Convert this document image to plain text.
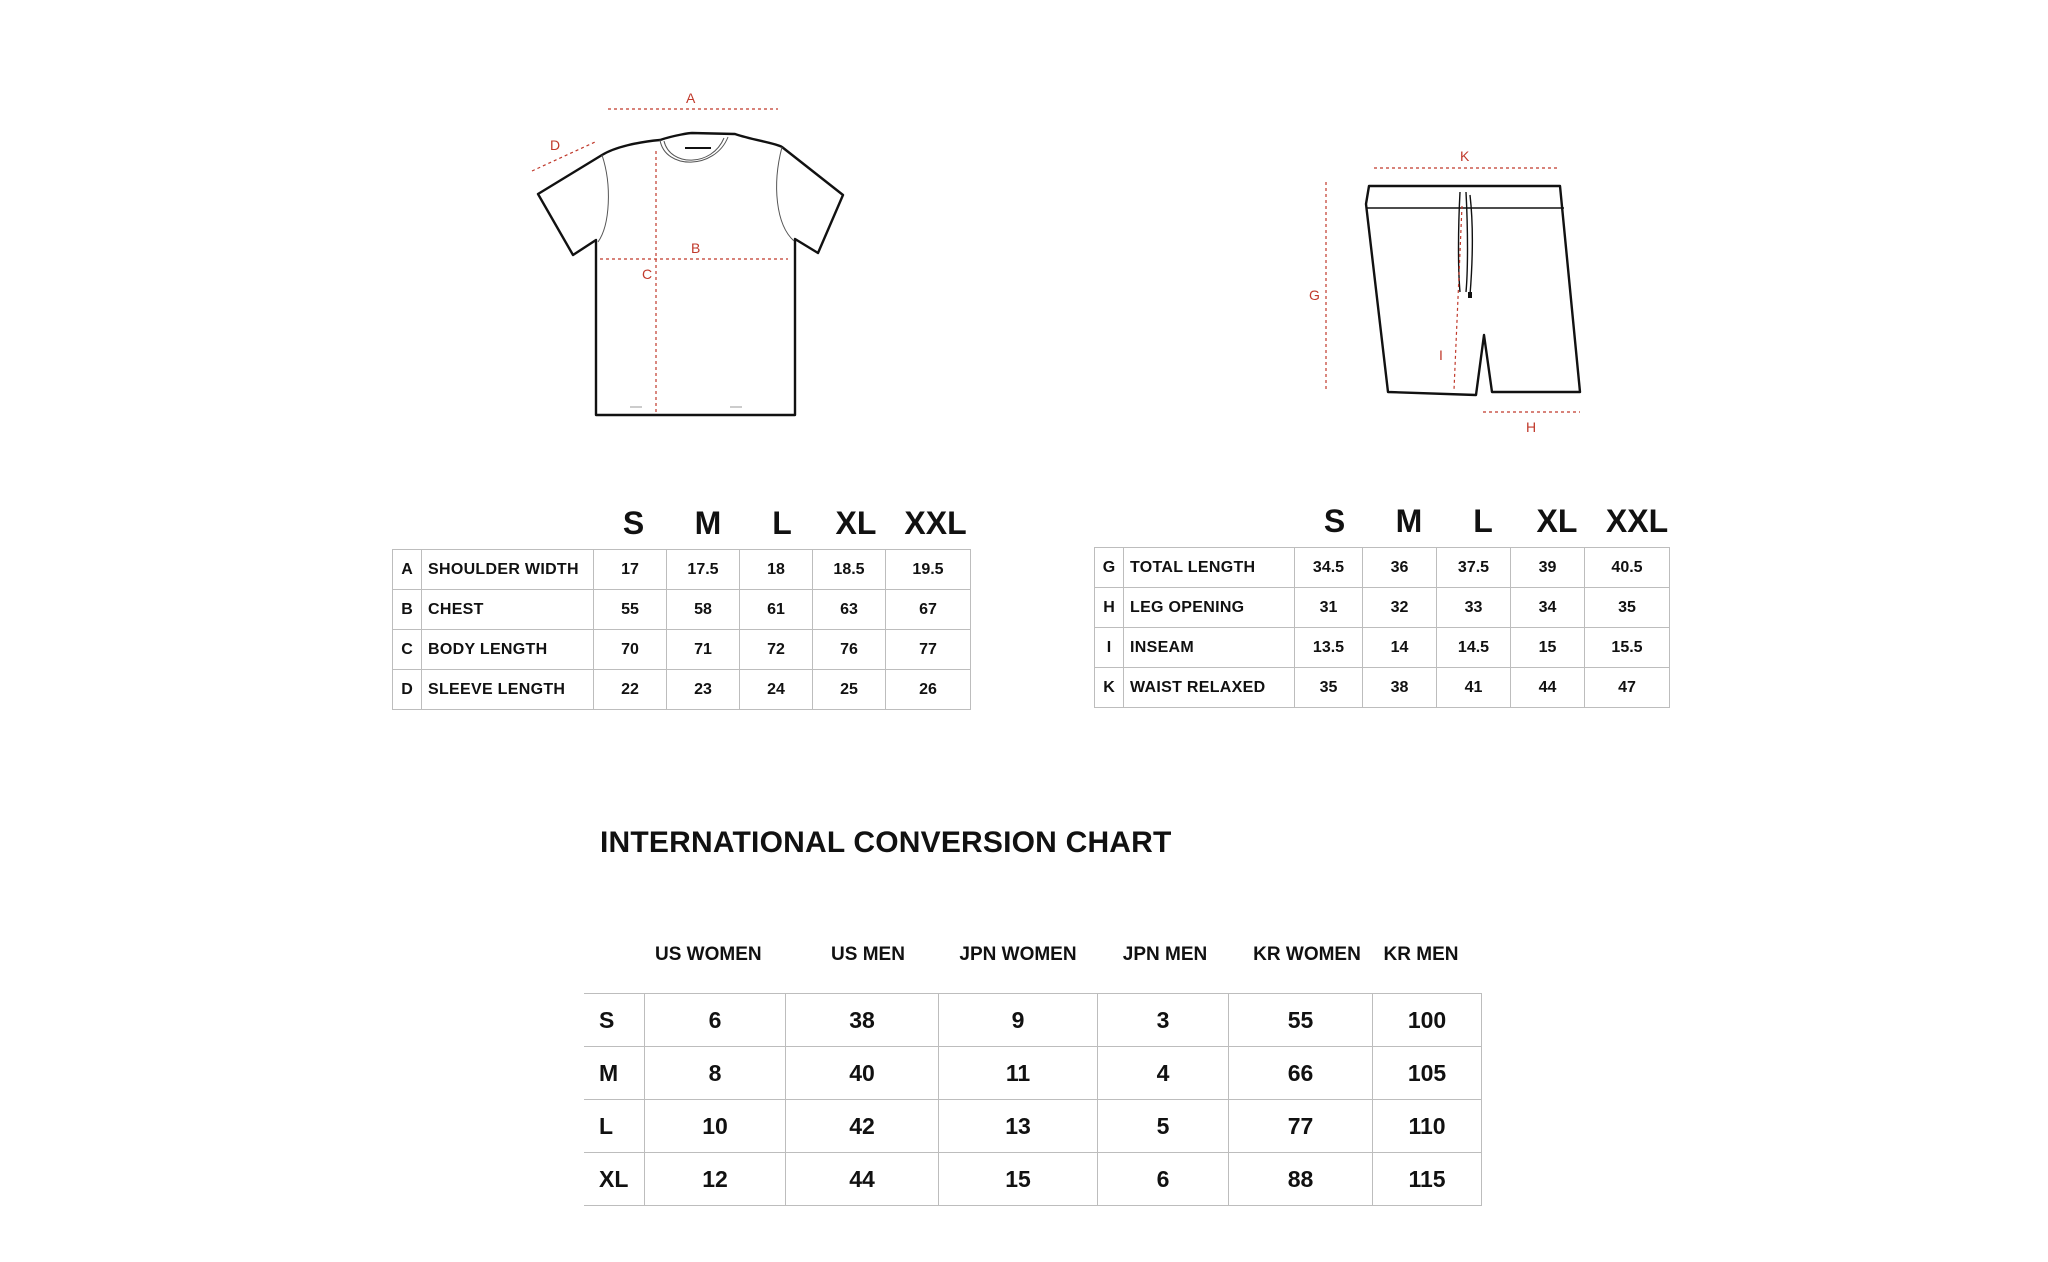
A
D
B
C
K
G
I
H
S	M	L	XL XXL
A	SHOULDER WIDTH	17	17.5	18	18.5	19.5
B	CHEST	55	58	61	63	67
C	BODY LENGTH	70	71	72	76	77
D	SLEEVE LENGTH	22	23	24	25	26
S	M	L	XL XXL
G	TOTAL LENGTH	34.5	36	37.5	39	40.5
H	LEG OPENING	31	32	33	34	35
I	INSEAM	13.5	14	14.5	15	15.5
K	WAIST RELAXED	35	38	41	44	47
INTERNATIONAL CONVERSION CHART
US WOMEN	US MEN	JPN WOMEN	JPN MEN	KR WOMEN	KR MEN
S	6	38	9	3	55	100
M	8	40	11	4	66	105
L	10	42	13	5	77	110
XL	12	44	15	6	88	115
